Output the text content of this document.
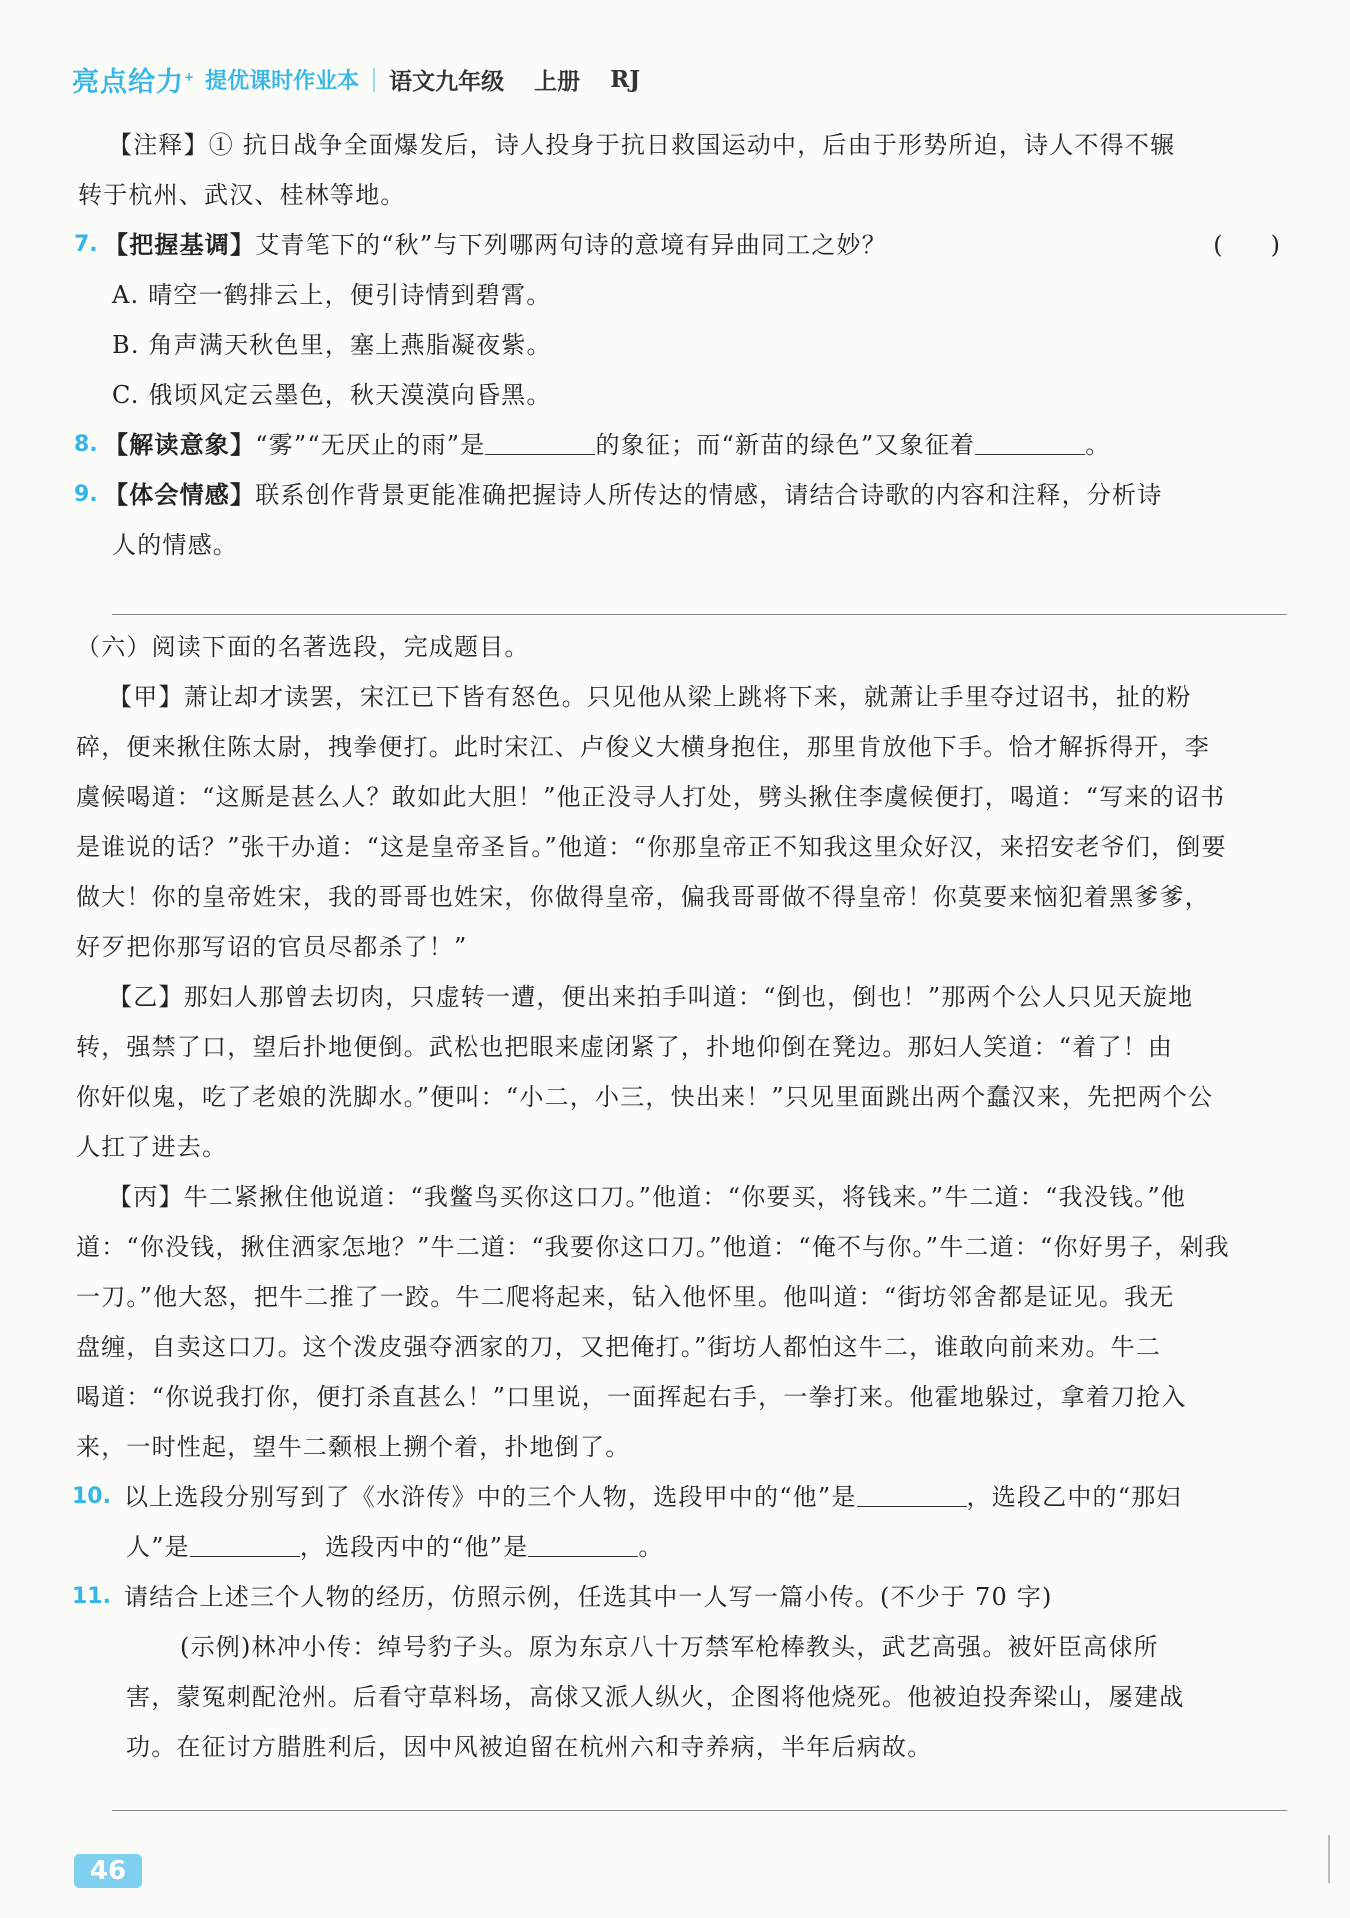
亮点给力+ 提优课时作业本 语文九年级 上册 RJ
【注释】① 抗日战争全面爆发后，诗人投身于抗日救国运动中，后由于形势所迫，诗人不得不辗
转于杭州、武汉、桂林等地。
7. 【把握基调】艾青笔下的“秋”与下列哪两句诗的意境有异曲同工之妙？	(　　)
A. 晴空一鹤排云上，便引诗情到碧霄。
B. 角声满天秋色里，塞上燕脂凝夜紫。
C. 俄顷风定云墨色，秋天漠漠向昏黑。
8. 【解读意象】“雾”“无厌止的雨”是	的象征；而“新苗的绿色”又象征着	。
9. 【体会情感】联系创作背景更能准确把握诗人所传达的情感，请结合诗歌的内容和注释，分析诗
人的情感。
（六）阅读下面的名著选段，完成题目。
【甲】萧让却才读罢，宋江已下皆有怒色。只见他从梁上跳将下来，就萧让手里夺过诏书，扯的粉
碎，便来揪住陈太尉，拽拳便打。此时宋江、卢俊义大横身抱住，那里肯放他下手。恰才解拆得开，李
虞候喝道：“这厮是甚么人？敢如此大胆！”他正没寻人打处，劈头揪住李虞候便打，喝道：“写来的诏书
是谁说的话？”张干办道：“这是皇帝圣旨。”他道：“你那皇帝正不知我这里众好汉，来招安老爷们，倒要
做大！你的皇帝姓宋，我的哥哥也姓宋，你做得皇帝，偏我哥哥做不得皇帝！你莫要来恼犯着黑爹爹，
好歹把你那写诏的官员尽都杀了！”
【乙】那妇人那曾去切肉，只虚转一遭，便出来拍手叫道：“倒也，倒也！”那两个公人只见天旋地
转，强禁了口，望后扑地便倒。武松也把眼来虚闭紧了，扑地仰倒在凳边。那妇人笑道：“着了！由
你奸似鬼，吃了老娘的洗脚水。”便叫：“小二，小三，快出来！”只见里面跳出两个蠢汉来，先把两个公
人扛了进去。
【丙】牛二紧揪住他说道：“我鳖鸟买你这口刀。”他道：“你要买，将钱来。”牛二道：“我没钱。”他
道：“你没钱，揪住洒家怎地？”牛二道：“我要你这口刀。”他道：“俺不与你。”牛二道：“你好男子，剁我
一刀。”他大怒，把牛二推了一跤。牛二爬将起来，钻入他怀里。他叫道：“街坊邻舍都是证见。我无
盘缠，自卖这口刀。这个泼皮强夺洒家的刀，又把俺打。”街坊人都怕这牛二，谁敢向前来劝。牛二
喝道：“你说我打你，便打杀直甚么！”口里说，一面挥起右手，一拳打来。他霍地躲过，拿着刀抢入
来，一时性起，望牛二颡根上搠个着，扑地倒了。
10. 以上选段分别写到了《水浒传》中的三个人物，选段甲中的“他”是	，选段乙中的“那妇
人”是	，选段丙中的“他”是	。
11. 请结合上述三个人物的经历，仿照示例，任选其中一人写一篇小传。(不少于 70 字)
(示例)林冲小传：绰号豹子头。原为东京八十万禁军枪棒教头，武艺高强。被奸臣高俅所
害，蒙冤刺配沧州。后看守草料场，高俅又派人纵火，企图将他烧死。他被迫投奔梁山，屡建战
功。在征讨方腊胜利后，因中风被迫留在杭州六和寺养病，半年后病故。
46
